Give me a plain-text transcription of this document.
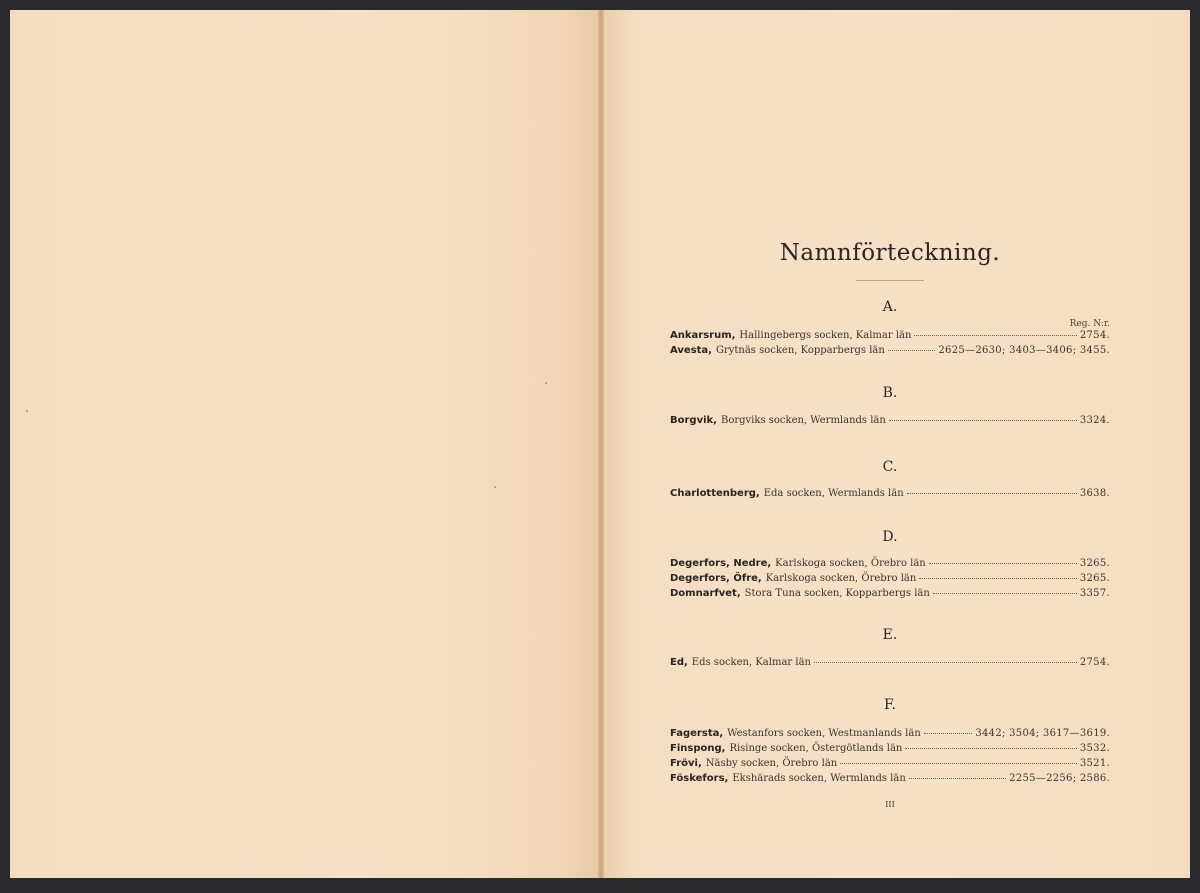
Namnförteckning.
Reg. N:r.
A.
Ankarsrum, Hallingebergs socken, Kalmar län	2754.
Avesta, Grytnäs socken, Kopparbergs län	2625—2630; 3403—3406; 3455.
B.
Borgvik, Borgviks socken, Wermlands län	3324.
C.
Charlottenberg, Eda socken, Wermlands län	3638.
D.
Degerfors, Nedre, Karlskoga socken, Örebro län	3265.
Degerfors, Öfre, Karlskoga socken, Örebro län	3265.
Domnarfvet, Stora Tuna socken, Kopparbergs län	3357.
E.
Ed, Eds socken, Kalmar län	2754.
F.
Fagersta, Westanfors socken, Westmanlands län	3442; 3504; 3617—3619.
Finspong, Risinge socken, Östergötlands län	3532.
Frövi, Näsby socken, Örebro län	3521.
Föskefors, Ekshärads socken, Wermlands län	2255—2256; 2586.
III
